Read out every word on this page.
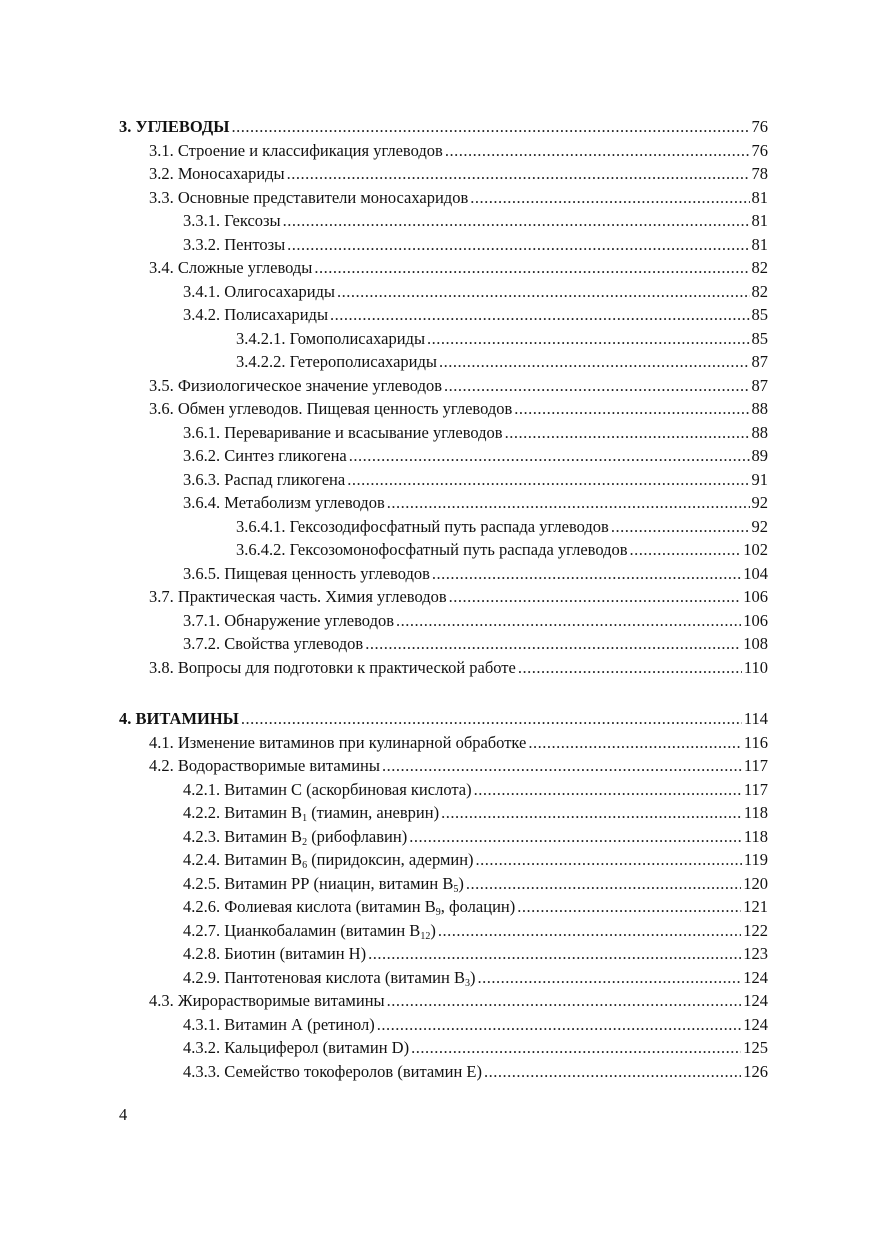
3. УГЛЕВОДЫ .....	76
3.1. Строение и классификация углеводов .....	76
3.2. Моносахариды .....	78
3.3. Основные представители моносахаридов .....	81
3.3.1. Гексозы .....	81
3.3.2. Пентозы .....	81
3.4. Сложные углеводы .....	82
3.4.1. Олигосахариды .....	82
3.4.2. Полисахариды .....	85
3.4.2.1. Гомополисахариды .....	85
3.4.2.2. Гетерополисахариды .....	87
3.5. Физиологическое значение углеводов .....	87
3.6. Обмен углеводов. Пищевая ценность углеводов .....	88
3.6.1. Переваривание и всасывание углеводов .....	88
3.6.2. Синтез гликогена .....	89
3.6.3. Распад гликогена .....	91
3.6.4. Метаболизм углеводов .....	92
3.6.4.1. Гексозодифосфатный путь распада углеводов .....	92
3.6.4.2. Гексозомонофосфатный путь распада углеводов .....	102
3.6.5. Пищевая ценность углеводов .....	104
3.7. Практическая часть. Химия углеводов .....	106
3.7.1. Обнаружение углеводов .....	106
3.7.2. Свойства углеводов .....	108
3.8. Вопросы для подготовки к практической работе .....	110
4. ВИТАМИНЫ .....	114
4.1. Изменение витаминов при кулинарной обработке .....	116
4.2. Водорастворимые витамины .....	117
4.2.1. Витамин С (аскорбиновая кислота) .....	117
4.2.2. Витамин $В_1$ (тиамин, аневрин) .....	118
4.2.3. Витамин $В_2$ (рибофлавин) .....	118
4.2.4. Витамин $В_6$ (пиридоксин, адермин) .....	119
4.2.5. Витамин РР (ниацин, витамин $В_5$) .....	120
4.2.6. Фолиевая кислота (витамин $В_9$, фолацин) .....	121
4.2.7. Цианкобаламин (витамин $В_{12}$) .....	122
4.2.8. Биотин (витамин Н) .....	123
4.2.9. Пантотеновая кислота (витамин $В_3$) .....	124
4.3. Жирорастворимые витамины .....	124
4.3.1. Витамин А (ретинол) .....	124
4.3.2. Кальциферол (витамин D) .....	125
4.3.3. Семейство токоферолов (витамин Е) .....	126
4
